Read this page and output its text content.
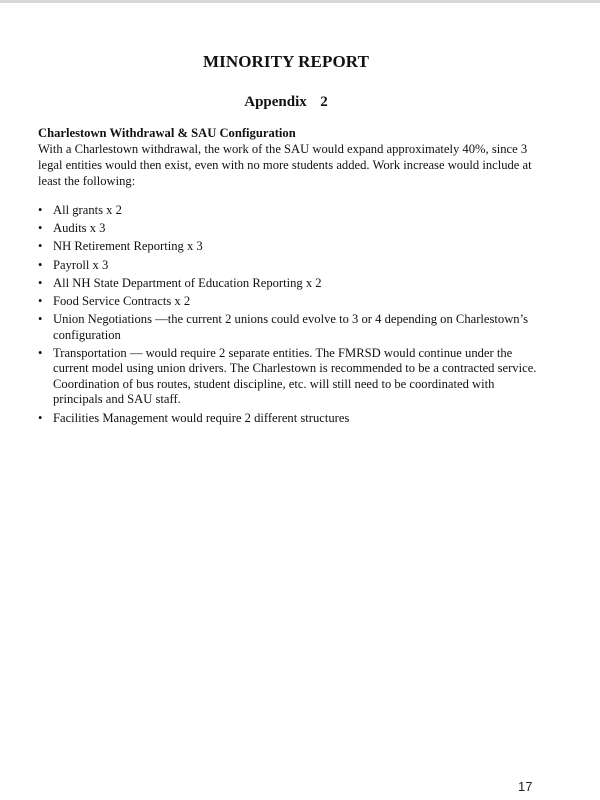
MINORITY REPORT
Appendix  2
Charlestown Withdrawal & SAU Configuration
With a Charlestown withdrawal, the work of the SAU would expand approximately 40%, since 3 legal entities would then exist, even with no more students added. Work increase would include at least the following:
• All grants x 2
• Audits x 3
• NH Retirement Reporting x 3
• Payroll x 3
• All NH State Department of Education Reporting x 2
• Food Service Contracts x 2
• Union Negotiations —the current 2 unions could evolve to 3 or 4 depending on Charlestown’s configuration
• Transportation — would require 2 separate entities. The FMRSD would continue under the current model using union drivers. The Charlestown is recommended to be a contracted service. Coordination of bus routes, student discipline, etc. will still need to be coordinated with principals and SAU staff.
• Facilities Management would require 2 different structures
17
